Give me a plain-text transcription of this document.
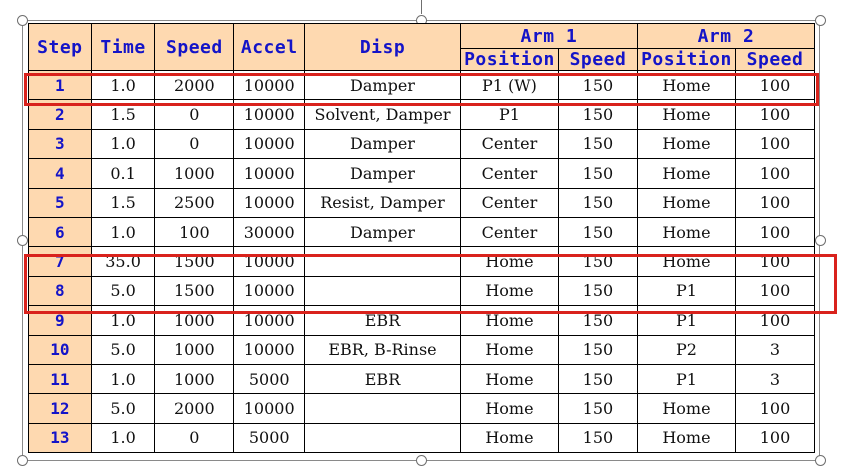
Step	Time	Speed	Accel	Disp	Arm 1		Arm 2	
					Position	Speed	Position	Speed
1	1.0	2000	10000	Damper	P1 (W)	150	Home	100
2	1.5	0	10000	Solvent, Damper	P1	150	Home	100
3	1.0	0	10000	Damper	Center	150	Home	100
4	0.1	1000	10000	Damper	Center	150	Home	100
5	1.5	2500	10000	Resist, Damper	Center	150	Home	100
6	1.0	100	30000	Damper	Center	150	Home	100
7	35.0	1500	10000		Home	150	Home	100
8	5.0	1500	10000		Home	150	P1	100
9	1.0	1000	10000	EBR	Home	150	P1	100
10	5.0	1000	10000	EBR, B-Rinse	Home	150	P2	3
11	1.0	1000	5000	EBR	Home	150	P1	3
12	5.0	2000	10000		Home	150	Home	100
13	1.0	0	5000		Home	150	Home	100
